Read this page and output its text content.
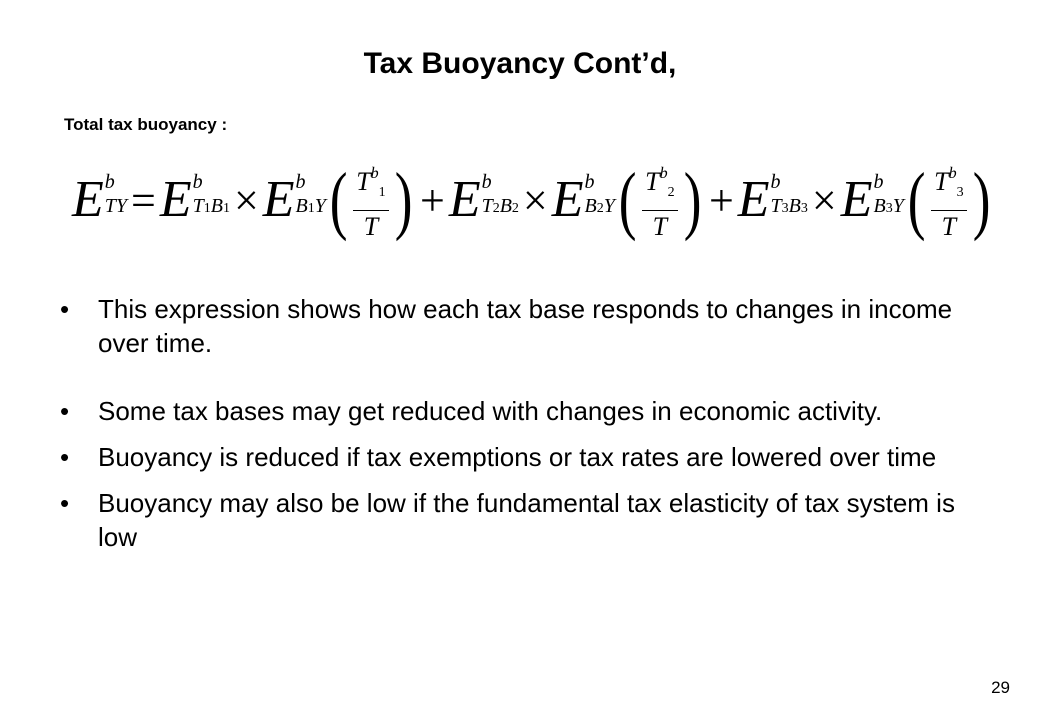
Tax Buoyancy Cont’d,
Total tax buoyancy :
E b
TY = E b
T1B1 × E b
B1Y ( $\frac{T^b_1}{T}$ ) + E b
T2B2 × E b
B2Y ( $\frac{T^b_2}{T}$ ) + E b
T3B3 × E b
B3Y ( $\frac{T^b_3}{T}$ )
• This expression shows how each tax base responds to changes in income over time.
• Some tax bases may get reduced with changes in economic activity.
• Buoyancy is reduced if tax exemptions or tax rates are lowered over time
• Buoyancy may also be low if the fundamental tax elasticity of tax system is low
29
